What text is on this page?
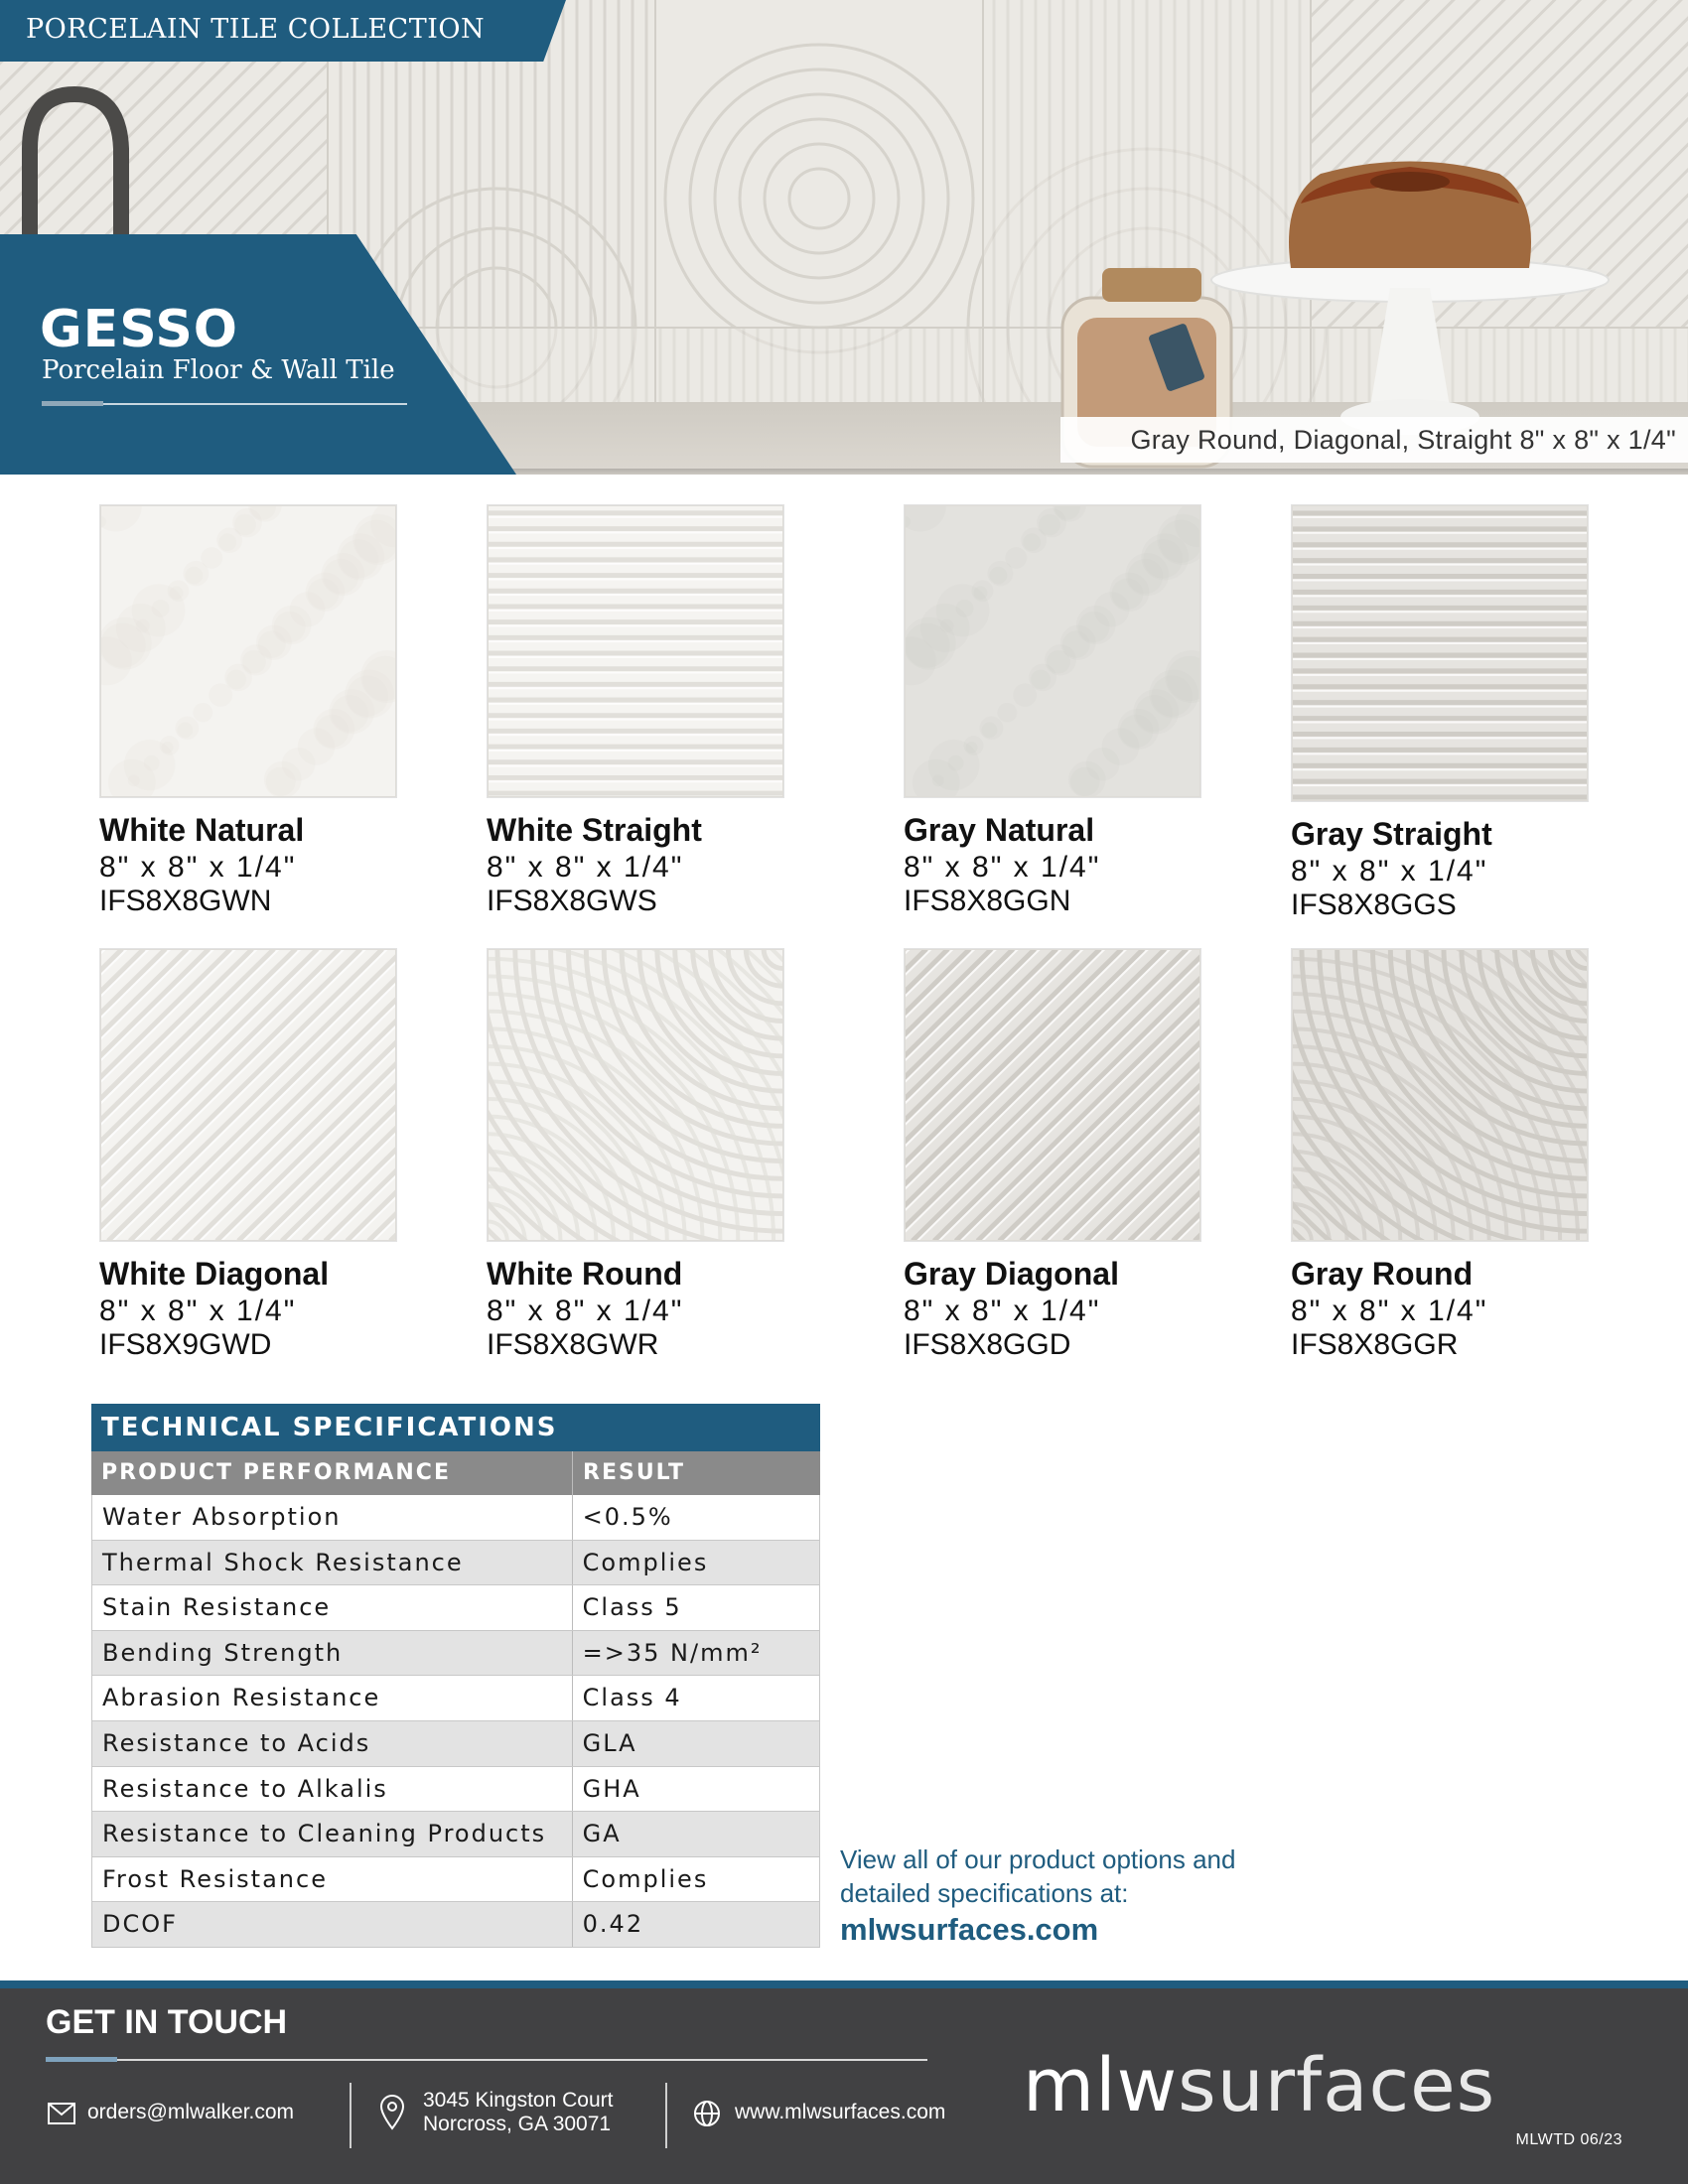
PORCELAIN TILE COLLECTION
GESSO
Porcelain Floor & Wall Tile
Gray Round, Diagonal, Straight 8" x 8" x 1/4"
White Natural
8" x 8" x 1/4"
IFS8X8GWN
White Straight
8" x 8" x 1/4"
IFS8X8GWS
Gray Natural
8" x 8" x 1/4"
IFS8X8GGN
Gray Straight
8" x 8" x 1/4"
IFS8X8GGS
White Diagonal
8" x 8" x 1/4"
IFS8X9GWD
White Round
8" x 8" x 1/4"
IFS8X8GWR
Gray Diagonal
8" x 8" x 1/4"
IFS8X8GGD
Gray Round
8" x 8" x 1/4"
IFS8X8GGR
TECHNICAL SPECIFICATIONS
PRODUCT PERFORMANCE	RESULT
Water Absorption	<0.5%
Thermal Shock Resistance	Complies
Stain Resistance	Class 5
Bending Strength	=>35 N/mm²
Abrasion Resistance	Class 4
Resistance to Acids	GLA
Resistance to Alkalis	GHA
Resistance to Cleaning Products	GA
Frost Resistance	Complies
DCOF	0.42
View all of our product options and
detailed specifications at:
mlwsurfaces.com
GET IN TOUCH
orders@mlwalker.com
3045 Kingston Court
Norcross, GA 30071
www.mlwsurfaces.com mlwsurfaces
MLWTD 06/23
